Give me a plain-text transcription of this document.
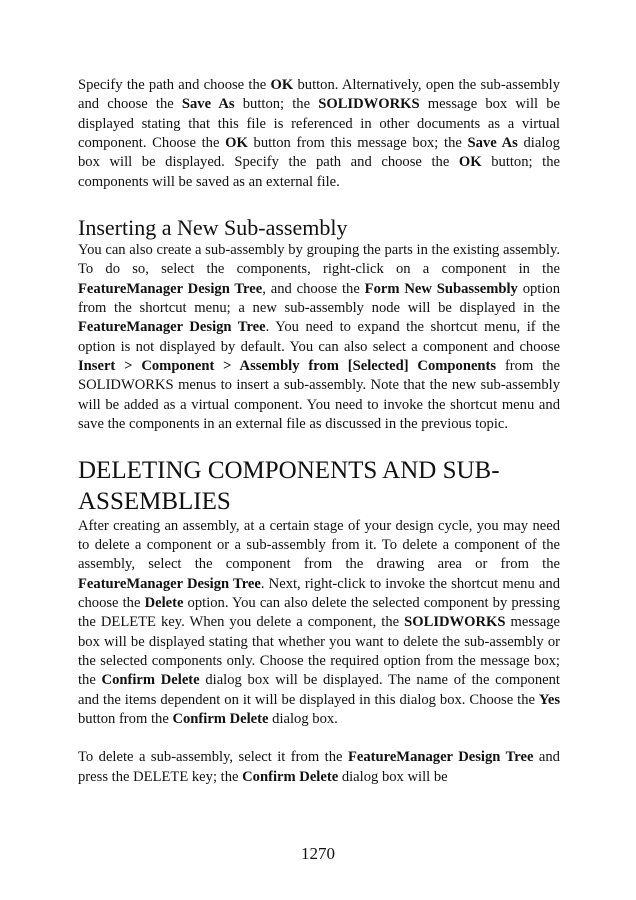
Specify the path and choose the OK button. Alternatively, open the sub-assembly and choose the Save As button; the SOLIDWORKS message box will be displayed stating that this file is referenced in other documents as a virtual component. Choose the OK button from this message box; the Save As dialog box will be displayed. Specify the path and choose the OK button; the components will be saved as an external file.

Inserting a New Sub-assembly

You can also create a sub-assembly by grouping the parts in the existing assembly. To do so, select the components, right-click on a component in the FeatureManager Design Tree, and choose the Form New Subassembly option from the shortcut menu; a new sub-assembly node will be displayed in the FeatureManager Design Tree. You need to expand the shortcut menu, if the option is not displayed by default. You can also select a component and choose Insert > Component > Assembly from [Selected] Components from the SOLIDWORKS menus to insert a sub-assembly. Note that the new sub-assembly will be added as a virtual component. You need to invoke the shortcut menu and save the components in an external file as discussed in the previous topic.

DELETING COMPONENTS AND SUB-ASSEMBLIES

After creating an assembly, at a certain stage of your design cycle, you may need to delete a component or a sub-assembly from it. To delete a component of the assembly, select the component from the drawing area or from the FeatureManager Design Tree. Next, right-click to invoke the shortcut menu and choose the Delete option. You can also delete the selected component by pressing the DELETE key. When you delete a component, the SOLIDWORKS message box will be displayed stating that whether you want to delete the sub-assembly or the selected components only. Choose the required option from the message box; the Confirm Delete dialog box will be displayed. The name of the component and the items dependent on it will be displayed in this dialog box. Choose the Yes button from the Confirm Delete dialog box.

To delete a sub-assembly, select it from the FeatureManager Design Tree and press the DELETE key; the Confirm Delete dialog box will be

1270
